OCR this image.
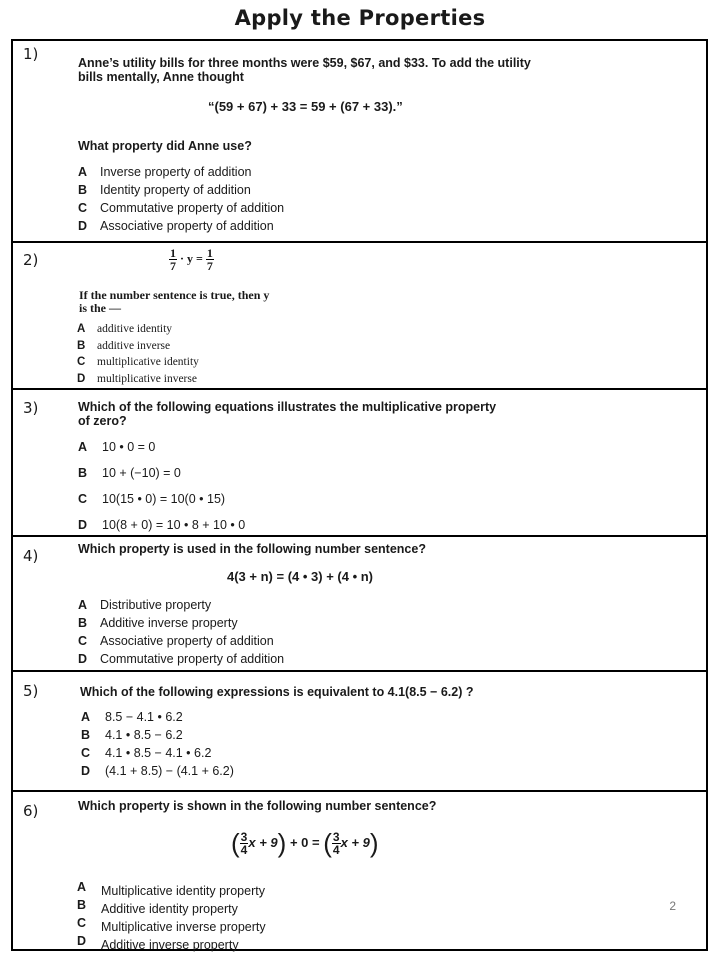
Apply the Properties
1)	Anne’s utility bills for three months were $59, $67, and $33. To add the utility
bills mentally, Anne thought
“(59 + 67) + 33 = 59 + (67 + 33).”
What property did Anne use?
A Inverse property of addition
B Identity property of addition
C Commutative property of addition
D Associative property of addition
2)	$\frac{1}{7} \cdot y = \frac{1}{7}$
If the number sentence is true, then y
is the —
A additive identity
B additive inverse
C multiplicative identity
D multiplicative inverse
3)	Which of the following equations illustrates the multiplicative property
of zero?
A 10 • 0 = 0
B 10 + (−10) = 0
C 10(15 • 0) = 10(0 • 15)
D 10(8 + 0) = 10 • 8 + 10 • 0
4)	Which property is used in the following number sentence?
4(3 + n) = (4 • 3) + (4 • n)
A Distributive property
B Additive inverse property
C Associative property of addition
D Commutative property of addition
5)	Which of the following expressions is equivalent to 4.1(8.5 − 6.2) ?
A 8.5 − 4.1 • 6.2
B 4.1 • 8.5 − 6.2
C 4.1 • 8.5 − 4.1 • 6.2
D (4.1 + 8.5) − (4.1 + 6.2)
6)	Which property is shown in the following number sentence?
( $\frac{3}{4}$ x + 9) + 0 = ( $\frac{3}{4}$ x + 9)
A Multiplicative identity property
B Additive identity property
C Multiplicative inverse property
D Additive inverse property
2
